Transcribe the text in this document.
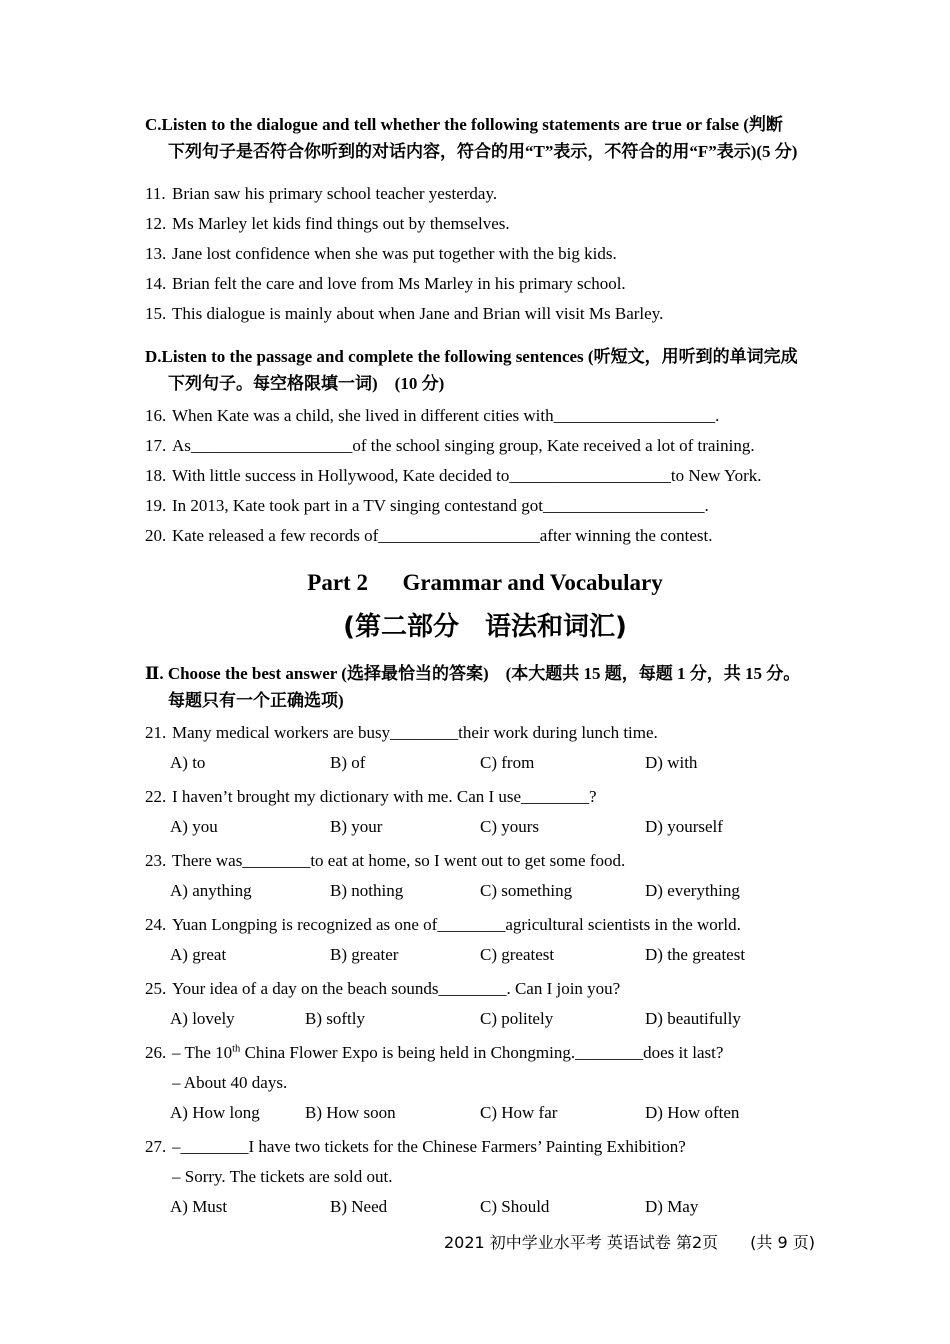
C.Listen to the dialogue and tell whether the following statements are true or false (判断
下列句子是否符合你听到的对话内容，符合的用“T”表示，不符合的用“F”表示)(5 分)
11. Brian saw his primary school teacher yesterday.
12. Ms Marley let kids find things out by themselves.
13. Jane lost confidence when she was put together with the big kids.
14. Brian felt the care and love from Ms Marley in his primary school.
15. This dialogue is mainly about when Jane and Brian will visit Ms Barley.
D.Listen to the passage and complete the following sentences (听短文，用听到的单词完成
下列句子。每空格限填一词)    (10 分)
16. When Kate was a child, she lived in different cities with___________________.
17. As___________________of the school singing group, Kate received a lot of training.
18. With little success in Hollywood, Kate decided to___________________to New York.
19. In 2013, Kate took part in a TV singing contestand got___________________.
20. Kate released a few records of___________________after winning the contest.
Part 2      Grammar and Vocabulary
(第二部分　语法和词汇)
Ⅱ. Choose the best answer (选择最恰当的答案)　(本大题共 15 题，每题 1 分，共 15 分。
每题只有一个正确选项)
21. Many medical workers are busy________their work during lunch time.
A) to	B) of	C) from	D) with
22. I haven’t brought my dictionary with me. Can I use________?
A) you	B) your	C) yours	D) yourself
23. There was________to eat at home, so I went out to get some food.
A) anything	B) nothing	C) something	D) everything
24. Yuan Longping is recognized as one of________agricultural scientists in the world.
A) great	B) greater	C) greatest	D) the greatest
25. Your idea of a day on the beach sounds________. Can I join you?
A) lovely	B) softly	C) politely	D) beautifully
26. – The 10th China Flower Expo is being held in Chongming.________does it last?
– About 40 days.
A) How long	B) How soon	C) How far	D) How often
27. –________I have two tickets for the Chinese Farmers’ Painting Exhibition?
– Sorry. The tickets are sold out.
A) Must	B) Need	C) Should	D) May
2021 初中学业水平考 英语试卷 第2页　　(共 9 页)
